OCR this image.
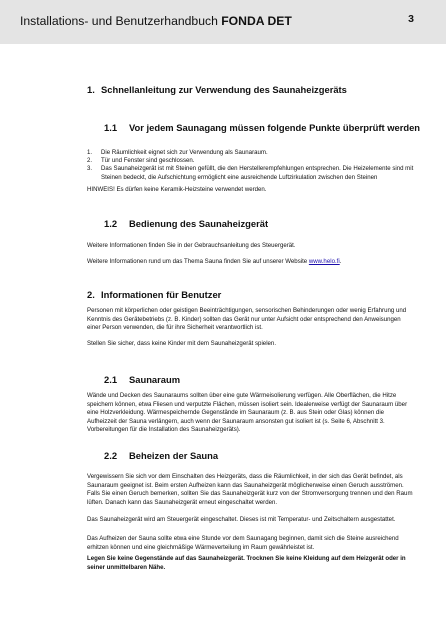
Installations- und Benutzerhandbuch FONDA DET	3
1. Schnellanleitung zur Verwendung des Saunaheizgeräts
1.1 Vor jedem Saunagang müssen folgende Punkte überprüft werden
1.	Die Räumlichkeit eignet sich zur Verwendung als Saunaraum.
2.	Tür und Fenster sind geschlossen.
3.	Das Saunaheizgerät ist mit Steinen gefüllt, die den Herstellerempfehlungen entsprechen. Die Heizelemente sind mit Steinen bedeckt, die Aufschichtung ermöglicht eine ausreichende Luftzirkulation zwischen den Steinen
HINWEIS! Es dürfen keine Keramik-Heizsteine verwendet werden.
1.2 Bedienung des Saunaheizgerät
Weitere Informationen finden Sie in der Gebrauchsanleitung des Steuergerät.
Weitere Informationen rund um das Thema Sauna finden Sie auf unserer Website www.helo.fi.
2. Informationen für Benutzer
Personen mit körperlichen oder geistigen Beeinträchtigungen, sensorischen Behinderungen oder wenig Erfahrung und Kenntnis des Gerätebetriebs (z. B. Kinder) sollten das Gerät nur unter Aufsicht oder entsprechend den Anweisungen einer Person verwenden, die für ihre Sicherheit verantwortlich ist.
Stellen Sie sicher, dass keine Kinder mit dem Saunaheizgerät spielen.
2.1 Saunaraum
Wände und Decken des Saunaraums sollten über eine gute Wärmeisolierung verfügen. Alle Oberflächen, die Hitze speichern können, etwa Fliesen und verputzte Flächen, müssen isoliert sein. Idealerweise verfügt der Saunaraum über eine Holzverkleidung. Wärmespeichernde Gegenstände im Saunaraum (z. B. aus Stein oder Glas) können die Aufheizzeit der Sauna verlängern, auch wenn der Saunaraum ansonsten gut isoliert ist (s. Seite 6, Abschnitt 3. Vorbereitungen für die Installation des Saunaheizgeräts).
2.2 Beheizen der Sauna
Vergewissern Sie sich vor dem Einschalten des Heizgeräts, dass die Räumlichkeit, in der sich das Gerät befindet, als Saunaraum geeignet ist. Beim ersten Aufheizen kann das Saunaheizgerät möglicherweise einen Geruch ausströmen. Falls Sie einen Geruch bemerken, sollten Sie das Saunaheizgerät kurz von der Stromversorgung trennen und den Raum lüften. Danach kann das Saunaheizgerät erneut eingeschaltet werden.
Das Saunaheizgerät wird am Steuergerät eingeschaltet. Dieses ist mit Temperatur- und Zeitschaltern ausgestattet.
Das Aufheizen der Sauna sollte etwa eine Stunde vor dem Saunagang beginnen, damit sich die Steine ausreichend erhitzen können und eine gleichmäßige Wärmeverteilung im Raum gewährleistet ist.
Legen Sie keine Gegenstände auf das Saunaheizgerät. Trocknen Sie keine Kleidung auf dem Heizgerät oder in seiner unmittelbaren Nähe.
